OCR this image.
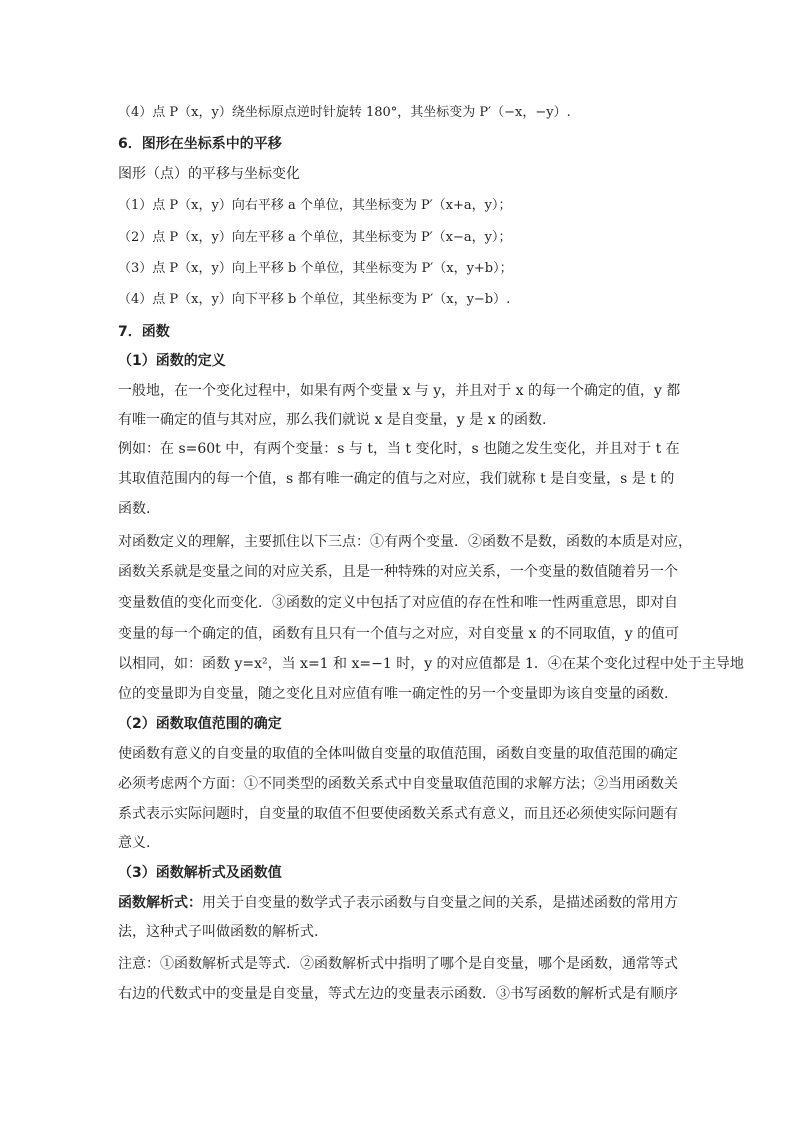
（4）点 P（x，y）绕坐标原点逆时针旋转 180°，其坐标变为 P′（−x，−y）.
6．图形在坐标系中的平移
图形（点）的平移与坐标变化
（1）点 P（x，y）向右平移 a 个单位，其坐标变为 P′（x+a，y）；
（2）点 P（x，y）向左平移 a 个单位，其坐标变为 P′（x−a，y）；
（3）点 P（x，y）向上平移 b 个单位，其坐标变为 P′（x，y+b）；
（4）点 P（x，y）向下平移 b 个单位，其坐标变为 P′（x，y−b）.
7．函数
（1）函数的定义
一般地，在一个变化过程中，如果有两个变量 x 与 y，并且对于 x 的每一个确定的值，y 都
有唯一确定的值与其对应，那么我们就说 x 是自变量，y 是 x 的函数.
例如：在 s=60t 中，有两个变量：s 与 t，当 t 变化时，s 也随之发生变化，并且对于 t 在
其取值范围内的每一个值，s 都有唯一确定的值与之对应，我们就称 t 是自变量，s 是 t 的
函数.
对函数定义的理解，主要抓住以下三点：①有两个变量．②函数不是数，函数的本质是对应，
函数关系就是变量之间的对应关系，且是一种特殊的对应关系，一个变量的数值随着另一个
变量数值的变化而变化．③函数的定义中包括了对应值的存在性和唯一性两重意思，即对自
变量的每一个确定的值，函数有且只有一个值与之对应，对自变量 x 的不同取值，y 的值可
以相同，如：函数 y=x²，当 x=1 和 x=−1 时，y 的对应值都是 1．④在某个变化过程中处于主导地
位的变量即为自变量，随之变化且对应值有唯一确定性的另一个变量即为该自变量的函数.
（2）函数取值范围的确定
使函数有意义的自变量的取值的全体叫做自变量的取值范围，函数自变量的取值范围的确定
必须考虑两个方面：①不同类型的函数关系式中自变量取值范围的求解方法；②当用函数关
系式表示实际问题时，自变量的取值不但要使函数关系式有意义，而且还必须使实际问题有
意义.
（3）函数解析式及函数值
函数解析式：用关于自变量的数学式子表示函数与自变量之间的关系，是描述函数的常用方
法，这种式子叫做函数的解析式.
注意：①函数解析式是等式．②函数解析式中指明了哪个是自变量，哪个是函数，通常等式
右边的代数式中的变量是自变量，等式左边的变量表示函数．③书写函数的解析式是有顺序
